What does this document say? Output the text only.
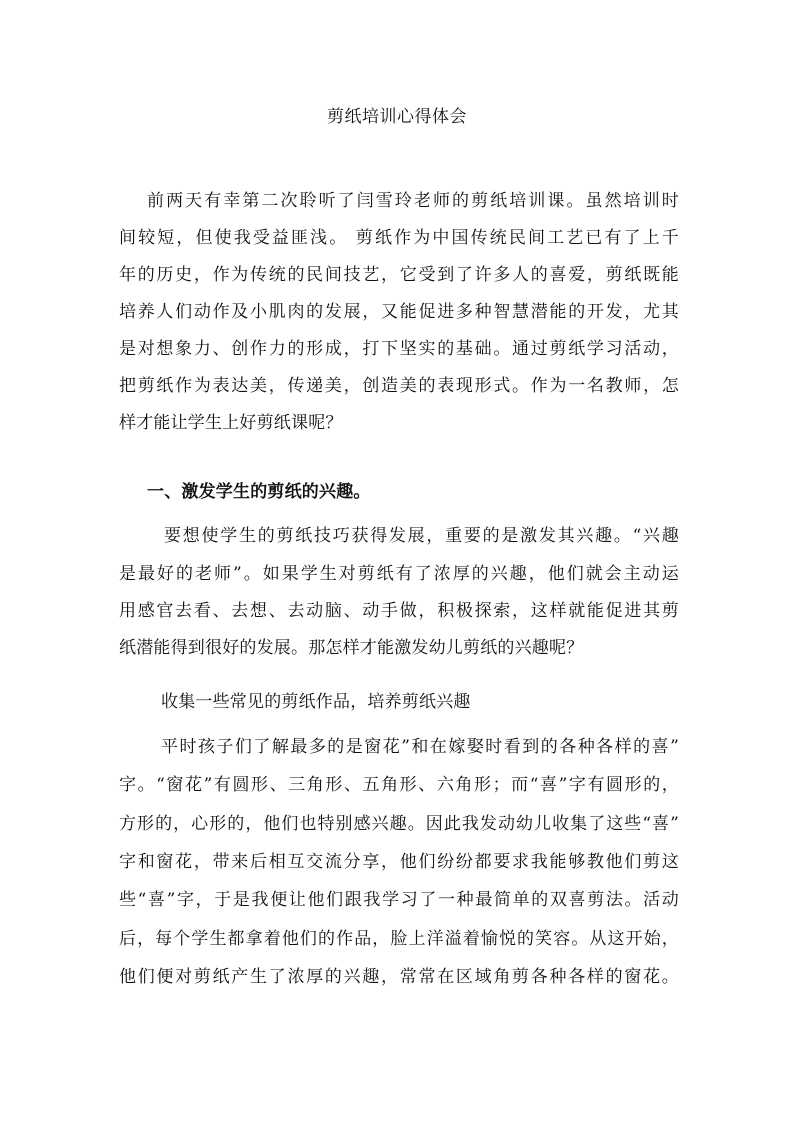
剪纸培训心得体会
前两天有幸第二次聆听了闫雪玲老师的剪纸培训课。虽然培训时
间较短，但使我受益匪浅。 剪纸作为中国传统民间工艺已有了上千
年的历史，作为传统的民间技艺，它受到了许多人的喜爱，剪纸既能
培养人们动作及小肌肉的发展，又能促进多种智慧潜能的开发，尤其
是对想象力、创作力的形成，打下坚实的基础。通过剪纸学习活动，
把剪纸作为表达美，传递美，创造美的表现形式。作为一名教师，怎
样才能让学生上好剪纸课呢？
一、激发学生的剪纸的兴趣。
要想使学生的剪纸技巧获得发展，重要的是激发其兴趣。“兴趣
是最好的老师”。如果学生对剪纸有了浓厚的兴趣，他们就会主动运
用感官去看、去想、去动脑、动手做，积极探索，这样就能促进其剪
纸潜能得到很好的发展。那怎样才能激发幼儿剪纸的兴趣呢？
收集一些常见的剪纸作品，培养剪纸兴趣
平时孩子们了解最多的是窗花”和在嫁娶时看到的各种各样的喜”
字。“窗花”有圆形、三角形、五角形、六角形；而“喜”字有圆形的，
方形的，心形的，他们也特别感兴趣。因此我发动幼儿收集了这些“喜”
字和窗花，带来后相互交流分享，他们纷纷都要求我能够教他们剪这
些“喜”字，于是我便让他们跟我学习了一种最简单的双喜剪法。活动
后，每个学生都拿着他们的作品，脸上洋溢着愉悦的笑容。从这开始，
他们便对剪纸产生了浓厚的兴趣，常常在区域角剪各种各样的窗花。
